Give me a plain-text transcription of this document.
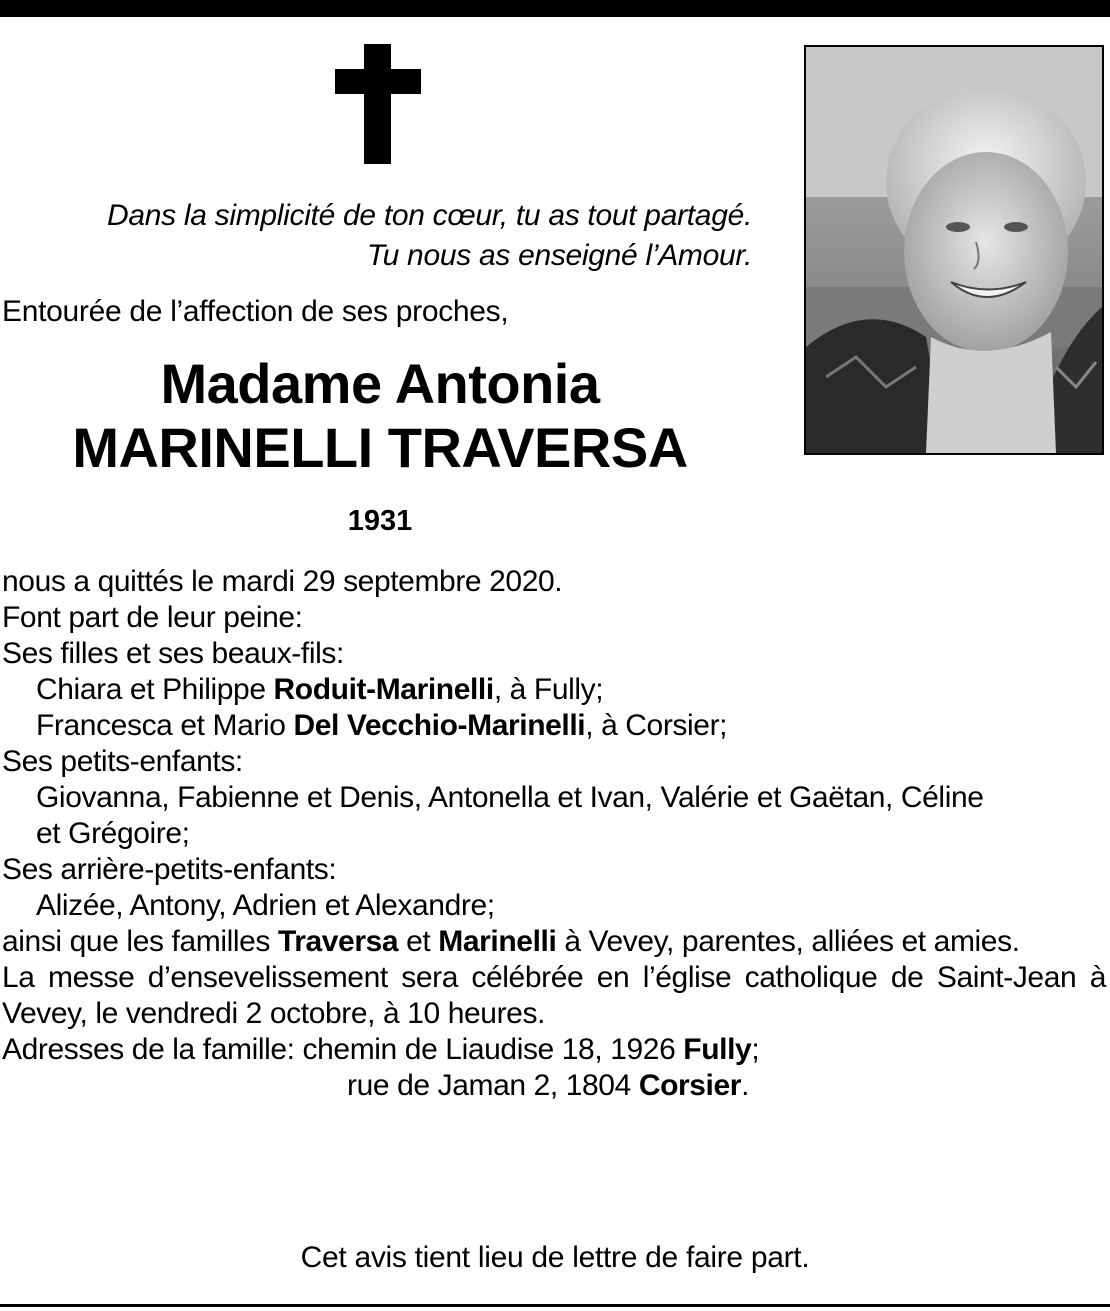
Dans la simplicité de ton cœur, tu as tout partagé.
Tu nous as enseigné l’Amour.
Entourée de l’affection de ses proches,
Madame Antonia
MARINELLI TRAVERSA
1931
nous a quittés le mardi 29 septembre 2020.
Font part de leur peine:
Ses filles et ses beaux-fils:
Chiara et Philippe Roduit-Marinelli, à Fully;
Francesca et Mario Del Vecchio-Marinelli, à Corsier;
Ses petits-enfants:
Giovanna, Fabienne et Denis, Antonella et Ivan, Valérie et Gaëtan, Céline
et Grégoire;
Ses arrière-petits-enfants:
Alizée, Antony, Adrien et Alexandre;
ainsi que les familles Traversa et Marinelli à Vevey, parentes, alliées et amies.
La messe d’ensevelissement sera célébrée en l’église catholique de Saint-Jean à Vevey, le vendredi 2 octobre, à 10 heures.
Adresses de la famille: chemin de Liaudise 18, 1926 Fully;
rue de Jaman 2, 1804 Corsier.
Cet avis tient lieu de lettre de faire part.
